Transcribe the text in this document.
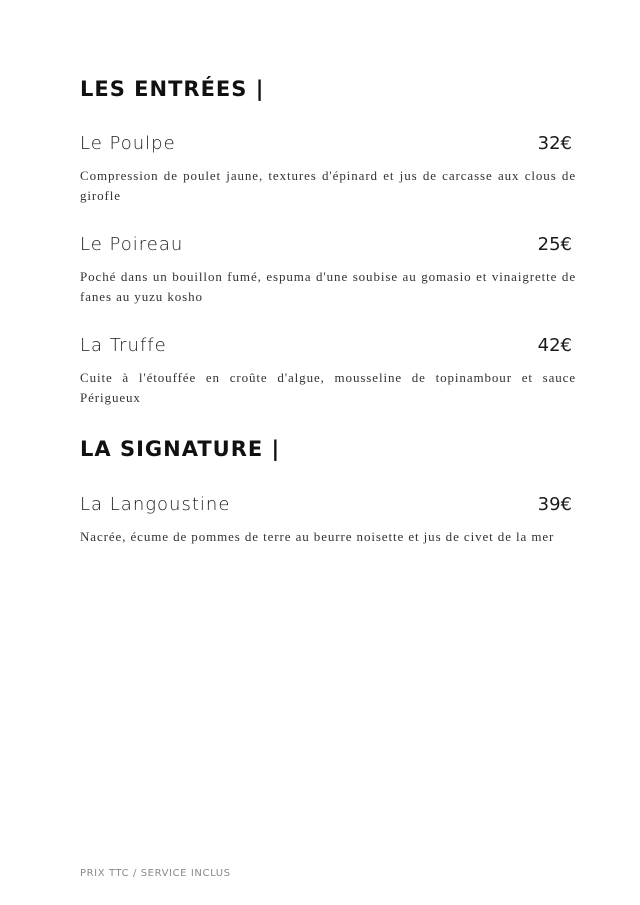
LES ENTRÉES |
Le Poulpe	32€
Compression de poulet jaune, textures d'épinard et jus de carcasse aux clous de girofle
Le Poireau	25€
Poché dans un bouillon fumé, espuma d'une soubise au gomasio et vinaigrette de fanes au yuzu kosho
La Truffe	42€
Cuite à l'étouffée en croûte d'algue, mousseline de topinambour et sauce Périgueux
LA SIGNATURE |
La Langoustine	39€
Nacrée, écume de pommes de terre au beurre noisette et jus de civet de la mer
PRIX TTC / SERVICE INCLUS
